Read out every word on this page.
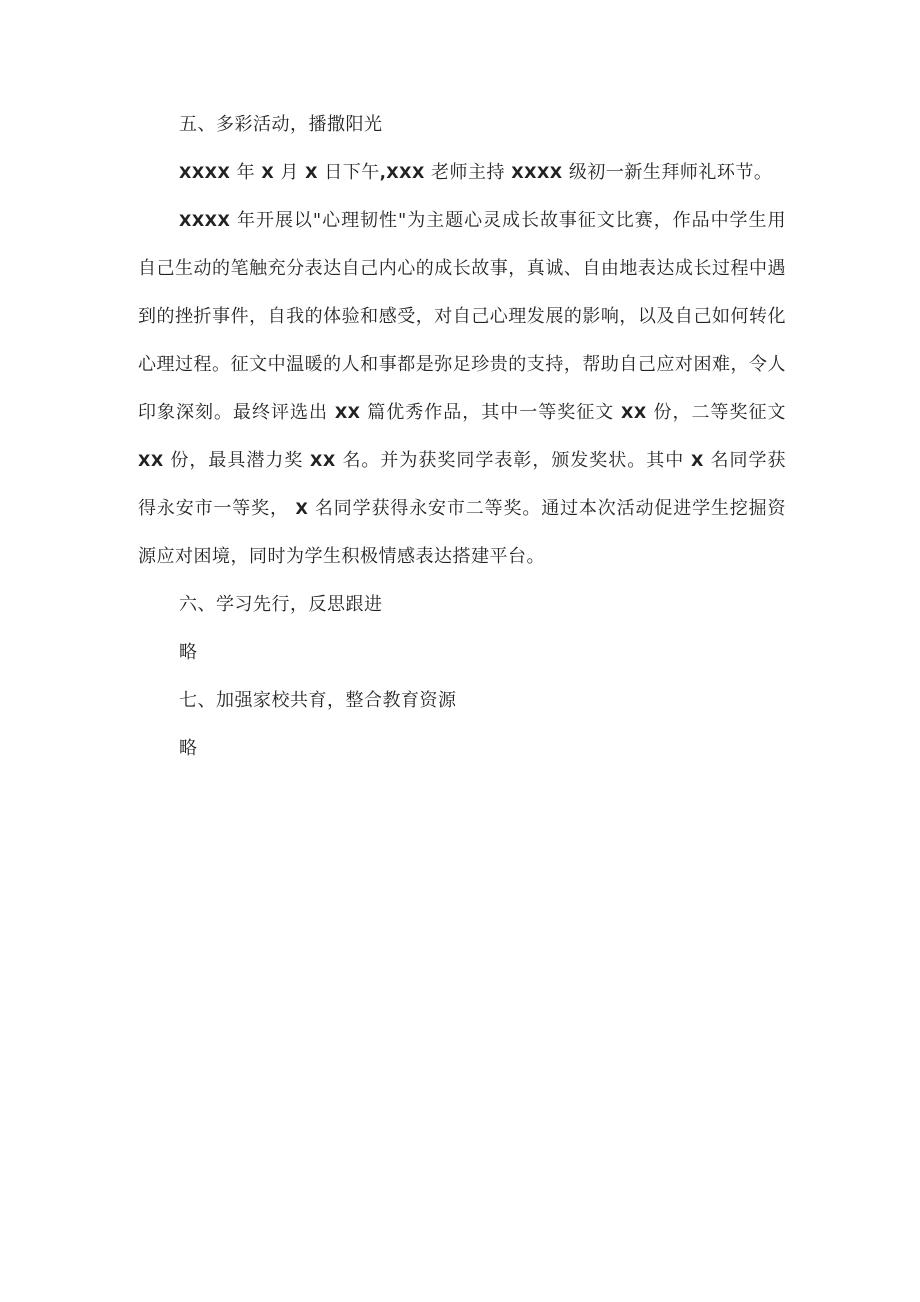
五、多彩活动，播撒阳光

XXXX 年 X 月 X 日下午,XXX 老师主持 XXXX 级初一新生拜师礼环节。

XXXX 年开展以"心理韧性"为主题心灵成长故事征文比赛，作品中学生用自己生动的笔触充分表达自己内心的成长故事，真诚、自由地表达成长过程中遇到的挫折事件，自我的体验和感受，对自己心理发展的影响，以及自己如何转化心理过程。征文中温暖的人和事都是弥足珍贵的支持，帮助自己应对困难，令人印象深刻。最终评选出 XX 篇优秀作品，其中一等奖征文 XX 份，二等奖征文 XX 份，最具潜力奖 XX 名。并为获奖同学表彰，颁发奖状。其中 X 名同学获得永安市一等奖， X 名同学获得永安市二等奖。通过本次活动促进学生挖掘资源应对困境，同时为学生积极情感表达搭建平台。

六、学习先行，反思跟进

略

七、加强家校共育，整合教育资源

略
